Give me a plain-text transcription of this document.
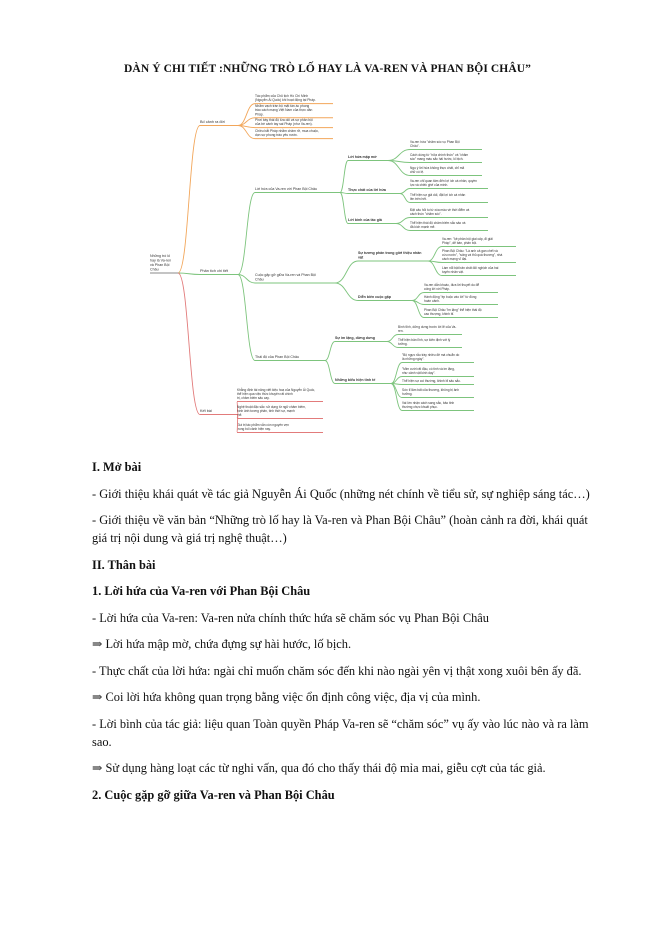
DÀN Ý CHI TIẾT :NHỮNG TRÒ LỐ HAY LÀ VA-REN VÀ PHAN BỘI CHÂU”
Những trò lố hay là Va-ren và Phan Bội Châu
Bố cảnh ra đời
Phân tích chi tiết
Kết bài
Tác phẩm của Chủ tịch Hồ Chí Minh (Nguyễn Ái Quốc) khi hoạt động tại Pháp.
Nhằm vạch trần bộ mặt tàn ác phong trào cách mạng Việt Nam của thực dân Pháp.
Phơi bày thái độ lừa dối và sự phản bội của bè cánh tay sai Pháp (như Va-ren).
Chiều bắt Pháp nhằm châm rỡ, mua chuộc, dọn sự phong trào yêu nước.
Lời hứa của Va-ren với Phan Bội Châu
Cuộc gặp gỡ giữa Va-ren và Phan Bội Châu
Thái độ của Phan Bội Châu
Lời hứa mập mờ
Va-ren hứa "chăm sóc vụ Phan Bội Châu".
Cách dùng từ "nửa chính thức" và "chăm sóc" mang màu sắc hài hước, lố bịch.
Ngụ ý lời hứa không thực chất, chỉ mã chữ có lệ.
Thực chất của lời hứa
Va-ren chỉ quan tâm đến lợi ích cá nhân, quyền lực và chiếc ghế của mình.
Thể hiện sự giả dối, đặt lợi ích cá nhân lên trên hết.
Lời bình của tác giả
Đặt câu hỏi tu từ xóa màu về thời điểm và cách thức "chăm sóc".
Thể hiện thái độ châm biếm sắc sảo và đả kích mạnh mẽ.
Sự tương phản trong giới thiệu nhân vật
Va-ren: "kẻ phản bội giai cấp, đi giải Pháp", dễ bán, phản bội.
Phan Bội Châu: "Là anh cả gan chết và cứu nước", "sống và thủ quá thương", nhà cách mạng vĩ đại.
Làm nổi bật bản chất đối nghịch của hai tuyến nhân vật.
Diễn biến cuộc gặp
Va-ren dẫn khoác, đưa lời thuyết du để cống lời với Pháp.
Hành động "ép buộc vào lời" từ đồng hoàn cảnh.
Phan Bội Châu "im lặng" thể hiện thái độ cao thượng, khinh bỉ.
Sự im lặng, dửng dưng
Bình tĩnh, dửng dưng trước lời lẽ của Va-ren.
Thể hiện bản lĩnh, sự kiên định với lý tưởng.
Những biểu hiện tinh tế
"Bộ ngực rẫu trầy nhiều đè mà chuẩn do là những ngày".
"Mim cười rất đậu, có tinh và im lặng, như cảnh vật kinh dạy".
Thể hiện sự coi thường, khinh bỉ sâu sắc.
Sức tỉ lăm bất của thương, không bị ảnh hưởng.
Vai lớn nhận cách sang sắc, bảo tinh thường chực khuất phục.
Khẳng định tài năng viết kiệu hoạ của Nguyễn Ái Quốc, thể hiện qua việc thức khuyên rất chính trị, châm biếm sâu cay.
Nghệ thuật đặc sắc: sử dụng từ ngữ châm biếm, hình ảnh tương phản, tính thời sự, mạnh mẽ.
Giá trị tác phẩm vẫn còn nguyên vẹn trong bối cảnh hiện nay.
I. Mở bài

- Giới thiệu khái quát về tác giả Nguyễn Ái Quốc (những nét chính về tiểu sử, sự nghiệp sáng tác…)

- Giới thiệu về văn bản “Những trò lố hay là Va-ren và Phan Bội Châu” (hoàn cảnh ra đời, khái quát giá trị nội dung và giá trị nghệ thuật…)

II. Thân bài
1. Lời hứa của Va-ren với Phan Bội Châu

- Lời hứa của Va-ren: Va-ren nửa chính thức hứa sẽ chăm sóc vụ Phan Bội Châu

⇒ Lời hứa mập mờ, chứa đựng sự hài hước, lố bịch.

- Thực chất của lời hứa: ngài chỉ muốn chăm sóc đến khi nào ngài yên vị thật xong xuôi bên ấy đã.

⇒ Coi lời hứa không quan trọng bằng việc ổn định công việc, địa vị của mình.

- Lời bình của tác giả: liệu quan Toàn quyền Pháp Va-ren sẽ “chăm sóc” vụ ấy vào lúc nào và ra làm sao.

⇒ Sử dụng hàng loạt các từ nghi vấn, qua đó cho thấy thái độ mỉa mai, giễu cợt của tác giả.

2. Cuộc gặp gỡ giữa Va-ren và Phan Bội Châu
